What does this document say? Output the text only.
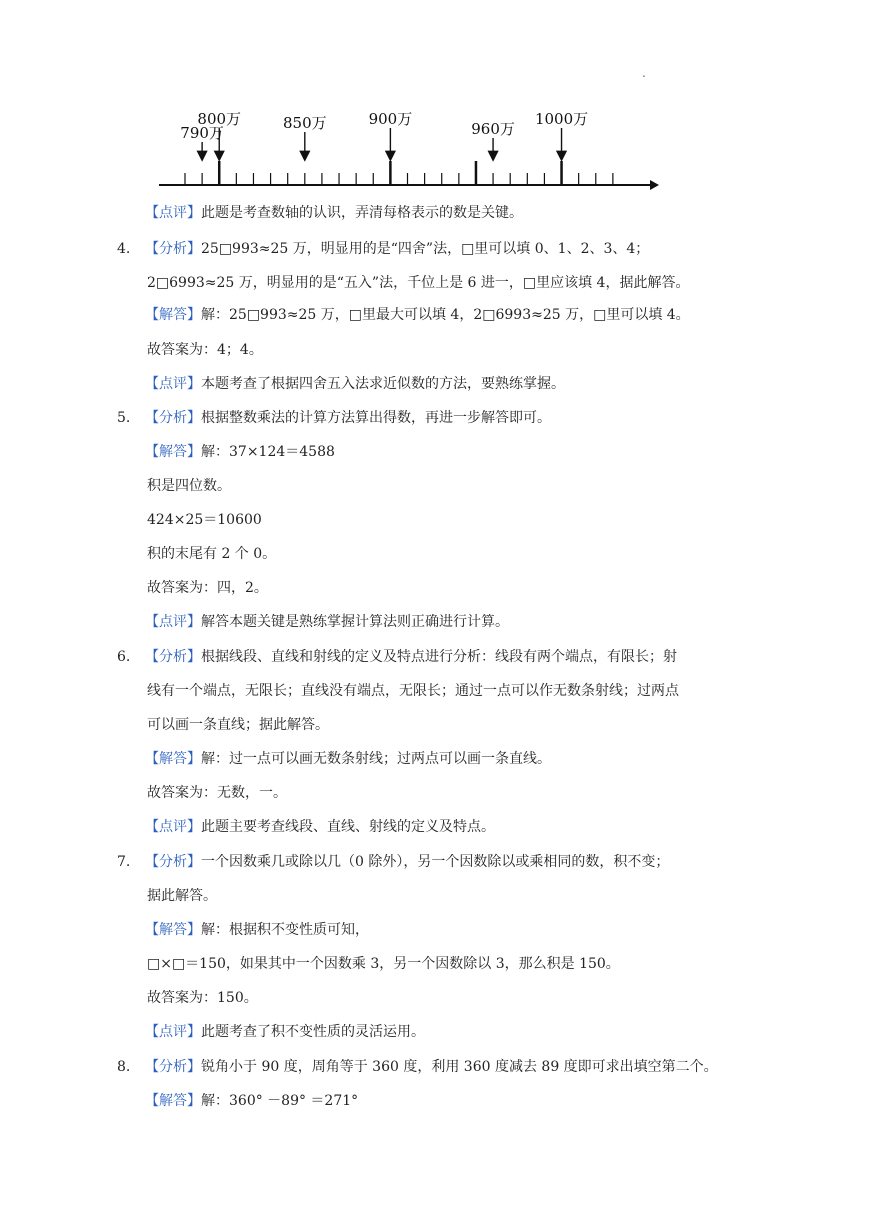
.
790万
800万	850万	900万
960万
1000万
【点评】此题是考查数轴的认识，弄清每格表示的数是关键。
4. 【分析】25□993≈25 万，明显用的是“四舍”法，□里可以填 0、1、2、3、4；
2□6993≈25 万，明显用的是“五入”法，千位上是 6 进一，□里应该填 4，据此解答。
【解答】解：25□993≈25 万，□里最大可以填 4，2□6993≈25 万，□里可以填 4。
故答案为：4；4。
【点评】本题考查了根据四舍五入法求近似数的方法，要熟练掌握。
5. 【分析】根据整数乘法的计算方法算出得数，再进一步解答即可。
【解答】解：37×124＝4588
积是四位数。
424×25＝10600
积的末尾有 2 个 0。
故答案为：四，2。
【点评】解答本题关键是熟练掌握计算法则正确进行计算。
6. 【分析】根据线段、直线和射线的定义及特点进行分析：线段有两个端点，有限长；射
线有一个端点，无限长；直线没有端点，无限长；通过一点可以作无数条射线；过两点
可以画一条直线；据此解答。
【解答】解：过一点可以画无数条射线；过两点可以画一条直线。
故答案为：无数，一。
【点评】此题主要考查线段、直线、射线的定义及特点。
7. 【分析】一个因数乘几或除以几（0 除外），另一个因数除以或乘相同的数，积不变；
据此解答。
【解答】解：根据积不变性质可知，
□×□＝150，如果其中一个因数乘 3，另一个因数除以 3，那么积是 150。
故答案为：150。
【点评】此题考查了积不变性质的灵活运用。
8. 【分析】锐角小于 90 度，周角等于 360 度，利用 360 度减去 89 度即可求出填空第二个。
【解答】解：360° －89° ＝271°
